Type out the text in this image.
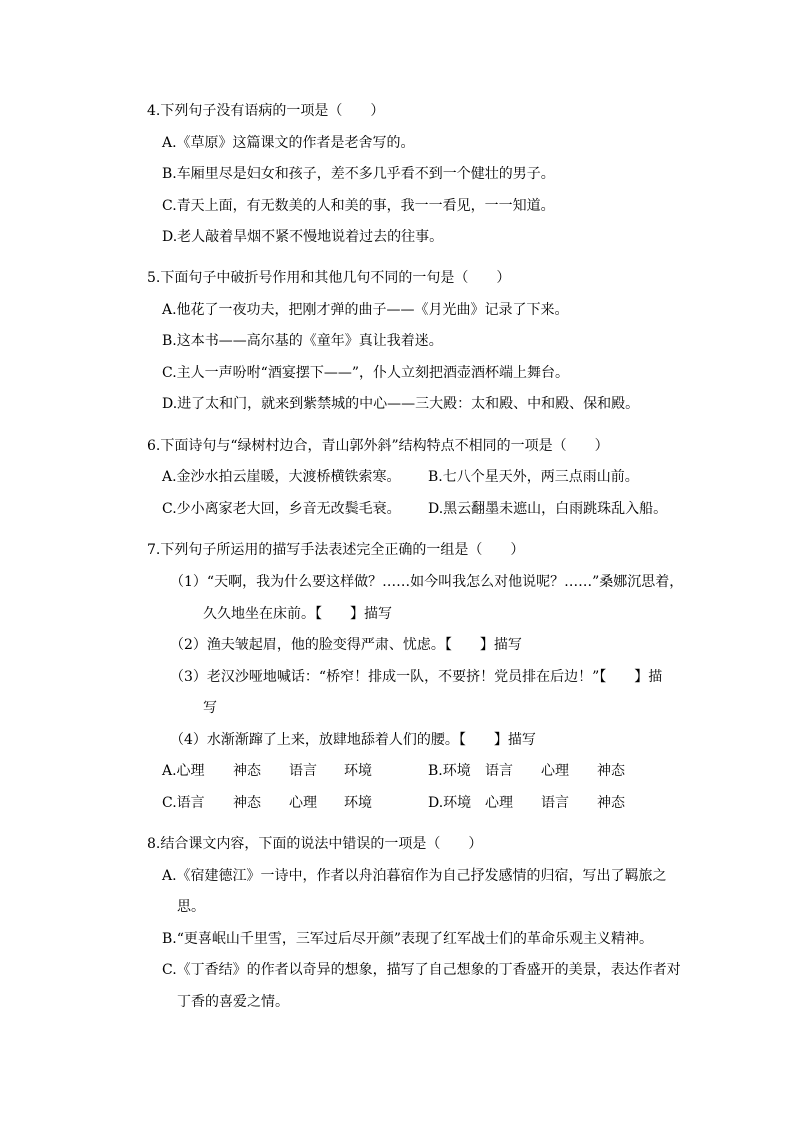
4.下列句子没有语病的一项是（　　）
A.《草原》这篇课文的作者是老舍写的。
B.车厢里尽是妇女和孩子，差不多几乎看不到一个健壮的男子。
C.青天上面，有无数美的人和美的事，我一一看见，一一知道。
D.老人敲着旱烟不紧不慢地说着过去的往事。
5.下面句子中破折号作用和其他几句不同的一句是（　　）
A.他花了一夜功夫，把刚才弹的曲子——《月光曲》记录了下来。
B.这本书——高尔基的《童年》真让我着迷。
C.主人一声吩咐“酒宴摆下——”，仆人立刻把酒壶酒杯端上舞台。
D.进了太和门，就来到紫禁城的中心——三大殿：太和殿、中和殿、保和殿。
6.下面诗句与“绿树村边合，青山郭外斜”结构特点不相同的一项是（　　）
A.金沙水拍云崖暖，大渡桥横铁索寒。 B.七八个星天外，两三点雨山前。
C.少小离家老大回，乡音无改鬓毛衰。 D.黑云翻墨未遮山，白雨跳珠乱入船。
7.下列句子所运用的描写手法表述完全正确的一组是（　　）
（1）“天啊，我为什么要这样做？……如今叫我怎么对他说呢？……”桑娜沉思着，
久久地坐在床前。【　　】描写
（2）渔夫皱起眉，他的脸变得严肃、忧虑。【　　】描写
（3）老汉沙哑地喊话：“桥窄！排成一队，不要挤！党员排在后边！”【　　】描
写
（4）水渐渐蹿了上来，放肆地舔着人们的腰。【　　】描写
A.心理 神态 语言 环境	B.环境 语言 心理 神态
C.语言 神态 心理 环境	D.环境 心理 语言 神态
8.结合课文内容，下面的说法中错误的一项是（　　）
A.《宿建德江》一诗中，作者以舟泊暮宿作为自己抒发感情的归宿，写出了羁旅之
思。
B.“更喜岷山千里雪，三军过后尽开颜”表现了红军战士们的革命乐观主义精神。
C.《丁香结》的作者以奇异的想象，描写了自己想象的丁香盛开的美景，表达作者对
丁香的喜爱之情。
